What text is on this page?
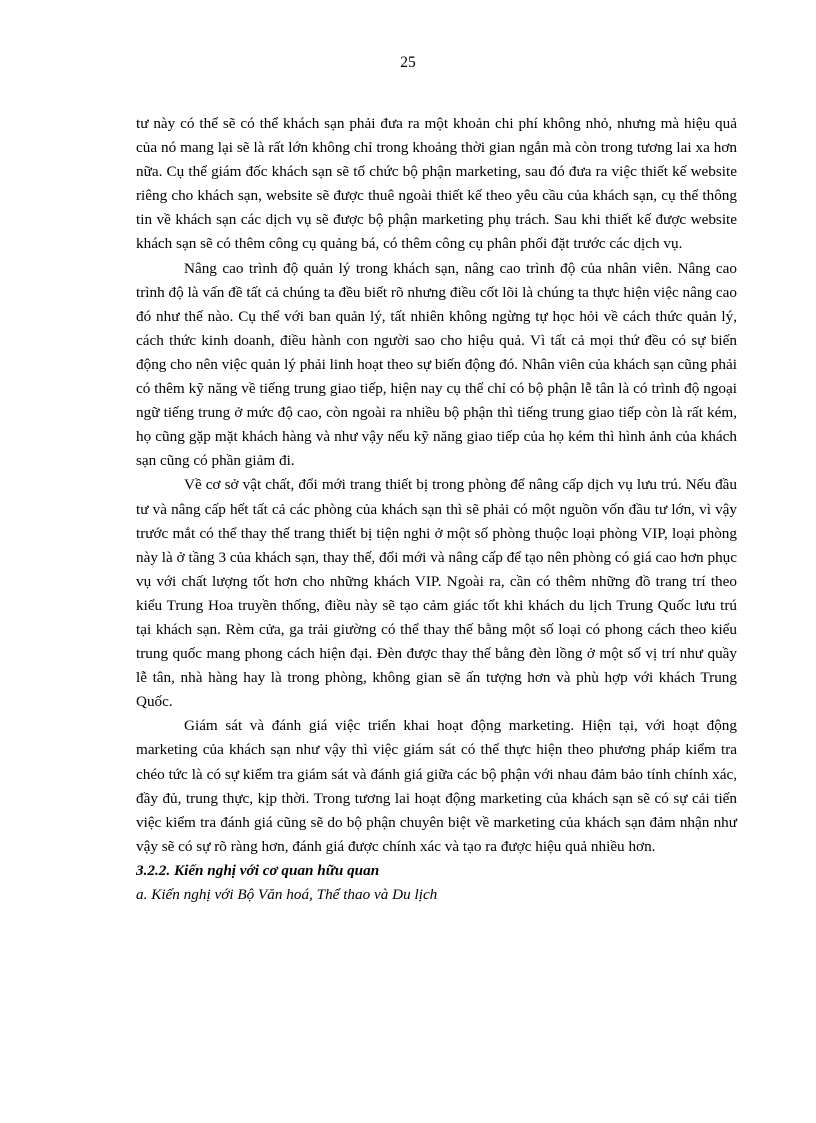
25

tư này có thể sẽ có thể khách sạn phải đưa ra một khoản chi phí không nhỏ, nhưng mà hiệu quả của nó mang lại sẽ là rất lớn không chỉ trong khoảng thời gian ngắn mà còn trong tương lai xa hơn nữa. Cụ thể giám đốc khách sạn sẽ tổ chức bộ phận marketing, sau đó đưa ra việc thiết kế website riêng cho khách sạn, website sẽ được thuê ngoài thiết kế theo yêu cầu của khách sạn, cụ thể thông tin về khách sạn các dịch vụ sẽ được bộ phận marketing phụ trách. Sau khi thiết kế được website khách sạn sẽ có thêm công cụ quảng bá, có thêm công cụ phân phối đặt trước các dịch vụ.

Nâng cao trình độ quản lý trong khách sạn, nâng cao trình độ của nhân viên. Nâng cao trình độ là vấn đề tất cả chúng ta đều biết rõ nhưng điều cốt lõi là chúng ta thực hiện việc nâng cao đó như thế nào. Cụ thể với ban quản lý, tất nhiên không ngừng tự học hỏi về cách thức quản lý, cách thức kinh doanh, điều hành con người sao cho hiệu quả. Vì tất cả mọi thứ đều có sự biến động cho nên việc quản lý phải linh hoạt theo sự biến động đó. Nhân viên của khách sạn cũng phải có thêm kỹ năng về tiếng trung giao tiếp, hiện nay cụ thể chỉ có bộ phận lễ tân là có trình độ ngoại ngữ tiếng trung ở mức độ cao, còn ngoài ra nhiều bộ phận thì tiếng trung giao tiếp còn là rất kém, họ cũng gặp mặt khách hàng và như vậy nếu kỹ năng giao tiếp của họ kém thì hình ảnh của khách sạn cũng có phần giảm đi.

Về cơ sở vật chất, đổi mới trang thiết bị trong phòng để nâng cấp dịch vụ lưu trú. Nếu đầu tư và nâng cấp hết tất cả các phòng của khách sạn thì sẽ phải có một nguồn vốn đầu tư lớn, vì vậy trước mắt có thể thay thế trang thiết bị tiện nghi ở một số phòng thuộc loại phòng VIP, loại phòng này là ở tầng 3 của khách sạn, thay thế, đổi mới và nâng cấp để tạo nên phòng có giá cao hơn phục vụ với chất lượng tốt hơn cho những khách VIP. Ngoài ra, cần có thêm những đồ trang trí theo kiểu Trung Hoa truyền thống, điều này sẽ tạo cảm giác tốt khi khách du lịch Trung Quốc lưu trú tại khách sạn. Rèm cửa, ga trải giường có thể thay thế bằng một số loại có phong cách theo kiểu trung quốc mang phong cách hiện đại. Đèn được thay thế bằng đèn lồng ở một số vị trí như quầy lễ tân, nhà hàng hay là trong phòng, không gian sẽ ấn tượng hơn và phù hợp với khách Trung Quốc.

Giám sát và đánh giá việc triển khai hoạt động marketing. Hiện tại, với hoạt động marketing của khách sạn như vậy thì việc giám sát có thể thực hiện theo phương pháp kiểm tra chéo tức là có sự kiểm tra giám sát và đánh giá giữa các bộ phận với nhau đảm bảo tính chính xác, đầy đủ, trung thực, kịp thời. Trong tương lai hoạt động marketing của khách sạn sẽ có sự cải tiến việc kiểm tra đánh giá cũng sẽ do bộ phận chuyên biệt về marketing của khách sạn đảm nhận như vậy sẽ có sự rõ ràng hơn, đánh giá được chính xác và tạo ra được hiệu quả nhiều hơn.

3.2.2. Kiến nghị với cơ quan hữu quan
a. Kiến nghị với Bộ Văn hoá, Thể thao và Du lịch
